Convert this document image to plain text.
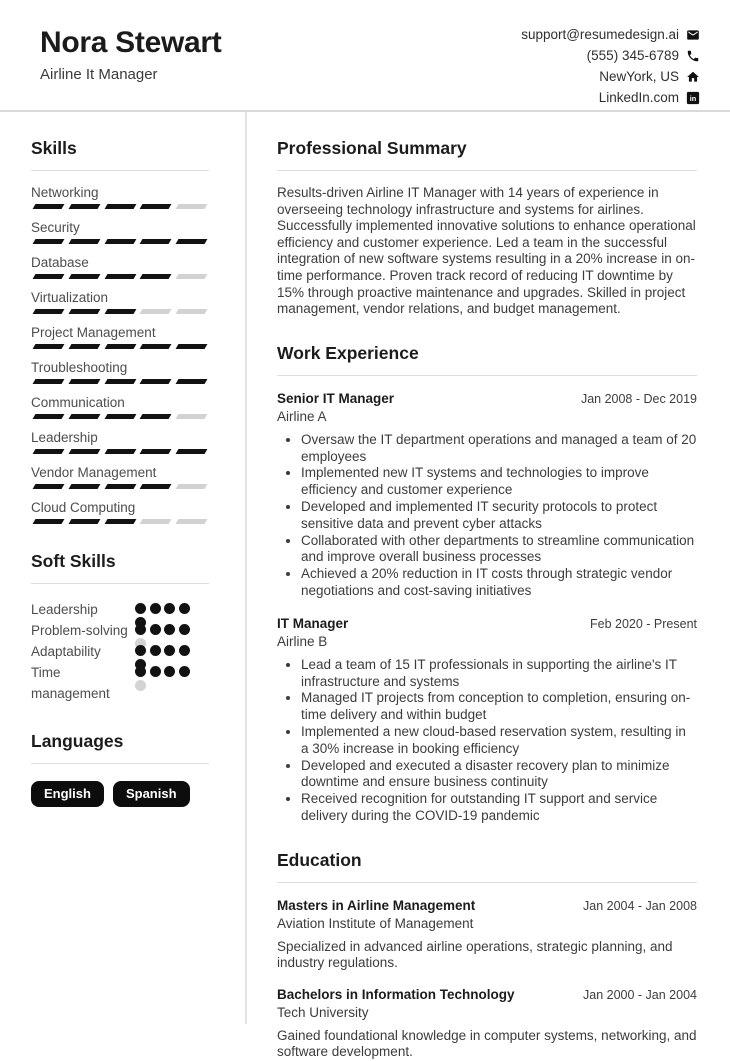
Nora Stewart
Airline It Manager
support@resumedesign.ai
(555) 345-6789
NewYork, US
LinkedIn.com in
Skills
Networking
Security
Database
Virtualization
Project Management
Troubleshooting
Communication
Leadership
Vendor Management
Cloud Computing
Soft Skills
Leadership
Problem-solving
Adaptability
Time management
Languages
English	Spanish
Professional Summary

Results-driven Airline IT Manager with 14 years of experience in overseeing technology infrastructure and systems for airlines. Successfully implemented innovative solutions to enhance operational efficiency and customer experience. Led a team in the successful integration of new software systems resulting in a 20% increase in on-time performance. Proven track record of reducing IT downtime by 15% through proactive maintenance and upgrades. Skilled in project management, vendor relations, and budget management.

Work Experience
Senior IT Manager	Jan 2008 - Dec 2019
Airline A
• Oversaw the IT department operations and managed a team of 20 employees
• Implemented new IT systems and technologies to improve efficiency and customer experience
• Developed and implemented IT security protocols to protect sensitive data and prevent cyber attacks
• Collaborated with other departments to streamline communication and improve overall business processes
• Achieved a 20% reduction in IT costs through strategic vendor negotiations and cost-saving initiatives
IT Manager	Feb 2020 - Present
Airline B
• Lead a team of 15 IT professionals in supporting the airline's IT infrastructure and systems
• Managed IT projects from conception to completion, ensuring on-time delivery and within budget
• Implemented a new cloud-based reservation system, resulting in a 30% increase in booking efficiency
• Developed and executed a disaster recovery plan to minimize downtime and ensure business continuity
• Received recognition for outstanding IT support and service delivery during the COVID-19 pandemic
Education
Masters in Airline Management	Jan 2004 - Jan 2008
Aviation Institute of Management

Specialized in advanced airline operations, strategic planning, and industry regulations.

Bachelors in Information Technology	Jan 2000 - Jan 2004
Tech University

Gained foundational knowledge in computer systems, networking, and software development.
